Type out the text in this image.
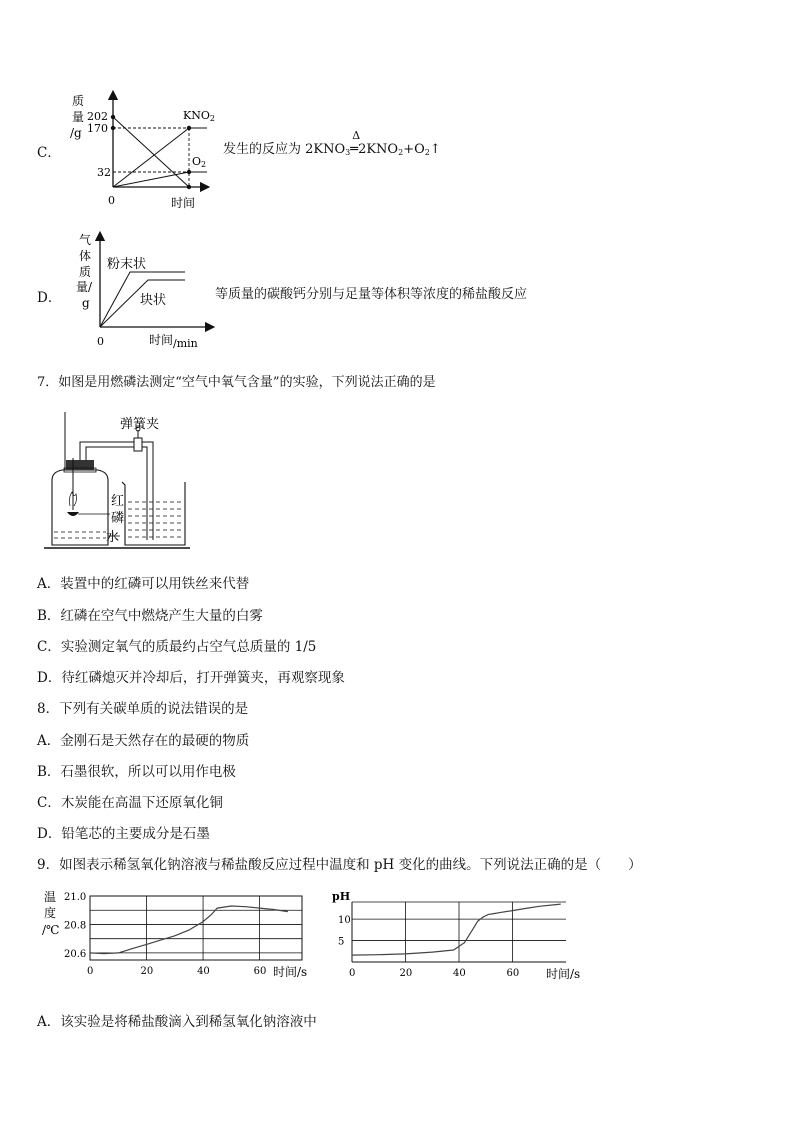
C．
质
量
/g
202
170
32
0	时间
KNO2
O2
发生的反应为 $2KNO_3$
Δ
$═2KNO_2+O_2↑$
D．
气
体
质
量/
g
粉末状
块状
0	时间/min
等质量的碳酸钙分别与足量等体积等浓度的稀盐酸反应
7．如图是用燃磷法测定“空气中氧气含量”的实验，下列说法正确的是
弹簧夹
红
磷
水
A．装置中的红磷可以用铁丝来代替
B．红磷在空气中燃烧产生大量的白雾
C．实验测定氧气的质最约占空气总质量的 1/5
D．待红磷熄灭并冷却后，打开弹簧夹，再观察现象
8．下列有关碳单质的说法错误的是
A．金刚石是天然存在的最硬的物质
B．石墨很软，所以可以用作电极
C．木炭能在高温下还原氧化铜
D．铅笔芯的主要成分是石墨
9．如图表示稀氢氧化钠溶液与稀盐酸反应过程中温度和 pH 变化的曲线。下列说法正确的是（　　）
21.0
20.8
20.6
0	20	40	60
温
度
/℃
时间/s
10
5
0	20	40	60
pH
时间/s
A．该实验是将稀盐酸滴入到稀氢氧化钠溶液中
